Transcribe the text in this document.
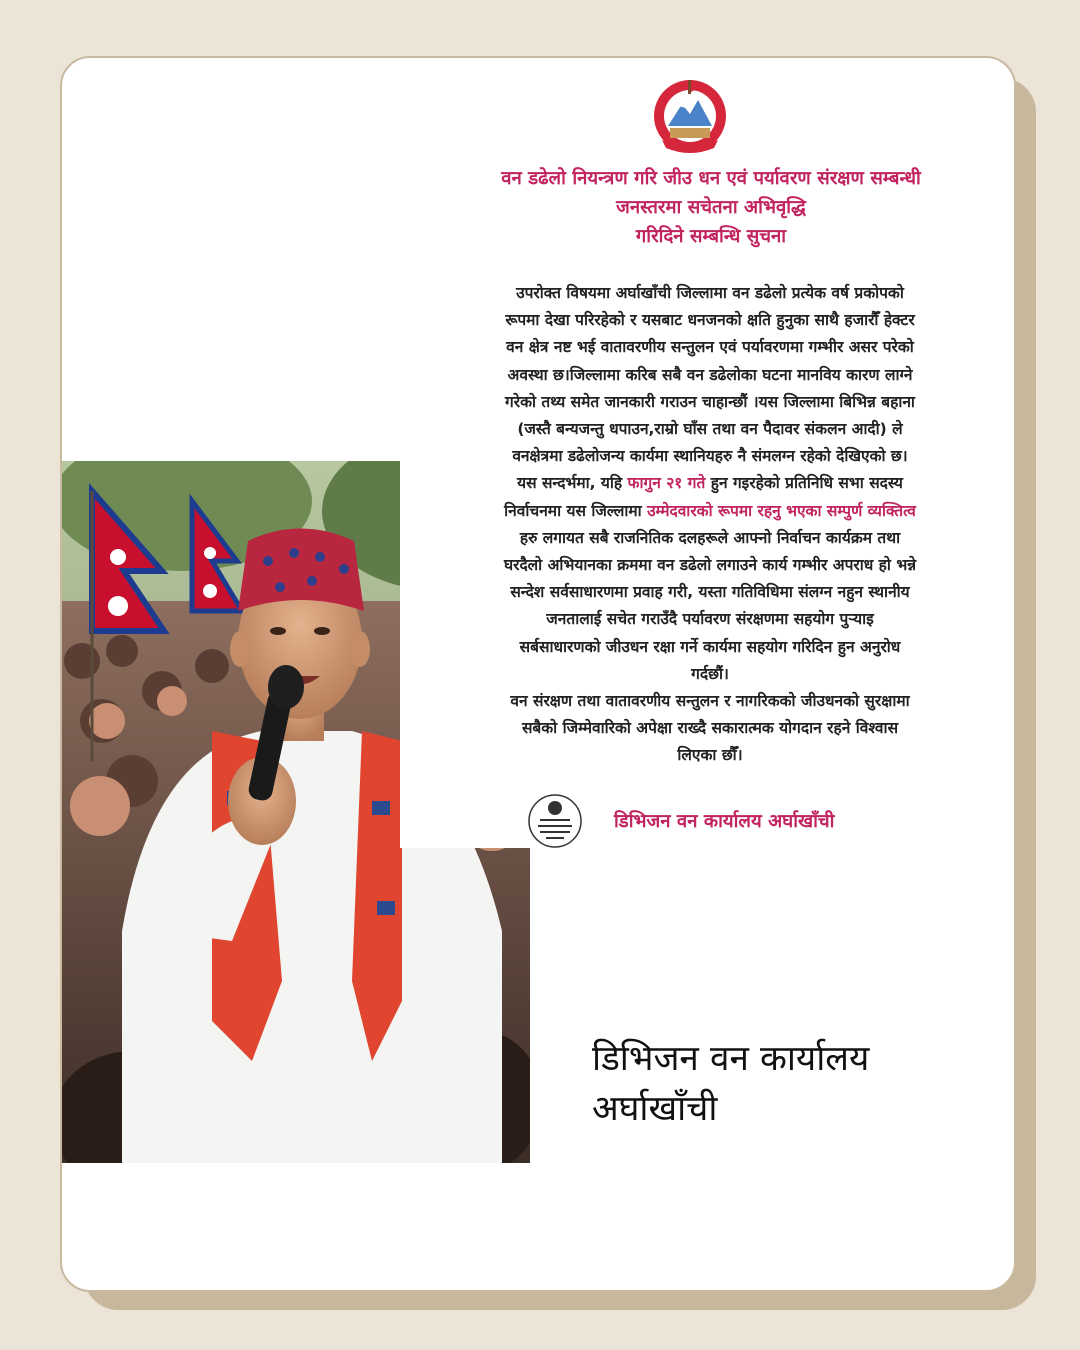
वन डढेलो नियन्त्रण गरि जीउ धन एवं पर्यावरण संरक्षण सम्बन्धी
जनस्तरमा सचेतना अभिवृद्धि
गरिदिने सम्बन्धि सुचना
उपरोक्त विषयमा अर्घाखाँची जिल्लामा वन डढेलो प्रत्येक वर्ष प्रकोपको
रूपमा देखा परिरहेको र यसबाट धनजनको क्षति हुनुका साथै हजारौँ हेक्टर
वन क्षेत्र नष्ट भई वातावरणीय सन्तुलन एवं पर्यावरणमा गम्भीर असर परेको
अवस्था छ।जिल्लामा करिब सबै वन डढेलोका घटना मानविय कारण लाग्ने
गरेको तथ्य समेत जानकारी गराउन चाहान्छौं ।यस जिल्लामा बिभिन्न बहाना
(जस्तै बन्यजन्तु धपाउन,राम्रो घाँस तथा वन पैदावर संकलन आदी) ले
वनक्षेत्रमा डढेलोजन्य कार्यमा स्थानियहरु नै संमलग्न रहेको देखिएको छ।
यस सन्दर्भमा, यहि फागुन २१ गते हुन गइरहेको प्रतिनिधि सभा सदस्य
निर्वाचनमा यस जिल्लामा उम्मेदवारको रूपमा रहनु भएका सम्पुर्ण व्यक्तित्व
हरु लगायत सबै राजनितिक दलहरूले आफ्नो निर्वाचन कार्यक्रम तथा
घरदैलो अभियानका क्रममा वन डढेलो लगाउने कार्य गम्भीर अपराध हो भन्ने
सन्देश सर्वसाधारणमा प्रवाह गरी, यस्ता गतिविधिमा संलग्न नहुन स्थानीय
जनतालाई सचेत गराउँदै पर्यावरण संरक्षणमा सहयोग पुऱ्याइ
सर्बसाधारणको जीउधन रक्षा गर्ने कार्यमा सहयोग गरिदिन हुन अनुरोध
गर्दछौं।
वन संरक्षण तथा वातावरणीय सन्तुलन र नागरिकको जीउधनको सुरक्षामा
सबैको जिम्मेवारिको अपेक्षा राख्दै सकारात्मक योगदान रहने विश्वास
लिएका छौँ।
डिभिजन वन कार्यालय अर्घाखाँची
डिभिजन वन कार्यालय
अर्घाखाँची
